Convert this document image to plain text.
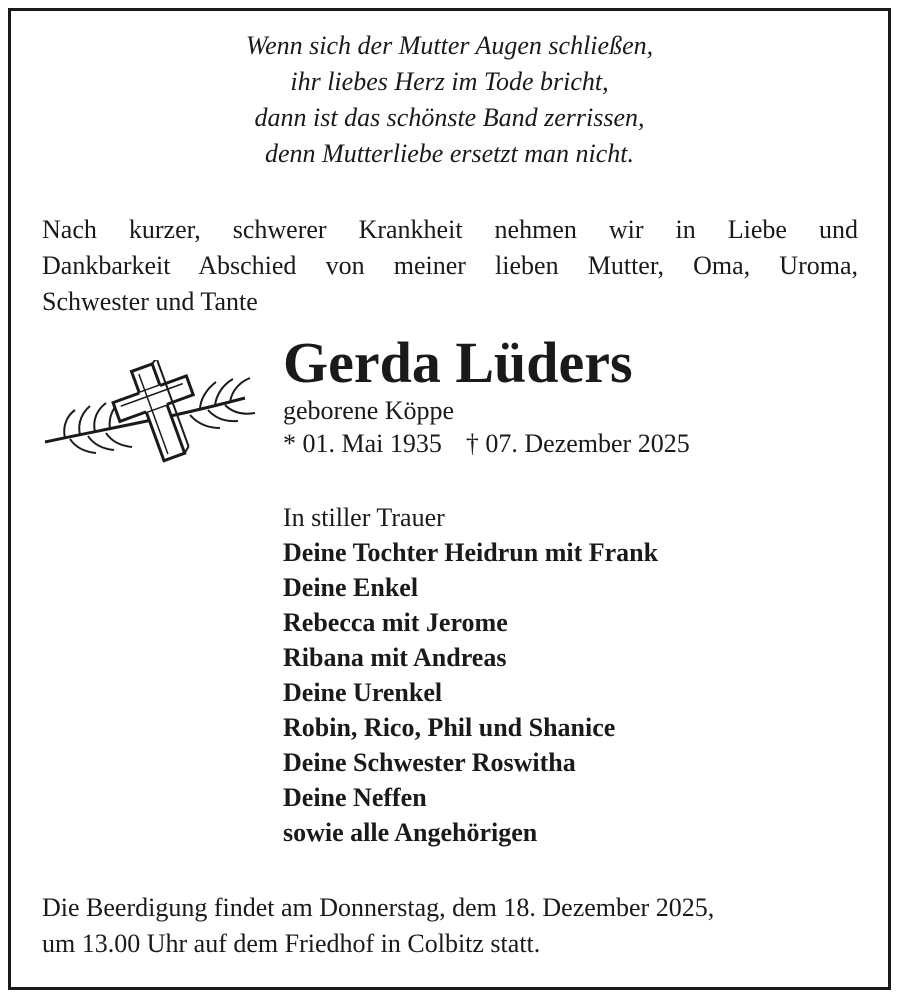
Wenn sich der Mutter Augen schließen,
ihr liebes Herz im Tode bricht,
dann ist das schönste Band zerrissen,
denn Mutterliebe ersetzt man nicht.
Nach kurzer, schwerer Krankheit nehmen wir in Liebe und
Dankbarkeit Abschied von meiner lieben Mutter, Oma, Uroma,
Schwester und Tante
Gerda Lüders
geborene Köppe
* 01. Mai 1935 † 07. Dezember 2025
In stiller Trauer
Deine Tochter Heidrun mit Frank
Deine Enkel
Rebecca mit Jerome
Ribana mit Andreas
Deine Urenkel
Robin, Rico, Phil und Shanice
Deine Schwester Roswitha
Deine Neffen
sowie alle Angehörigen
Die Beerdigung findet am Donnerstag, dem 18. Dezember 2025,
um 13.00 Uhr auf dem Friedhof in Colbitz statt.
